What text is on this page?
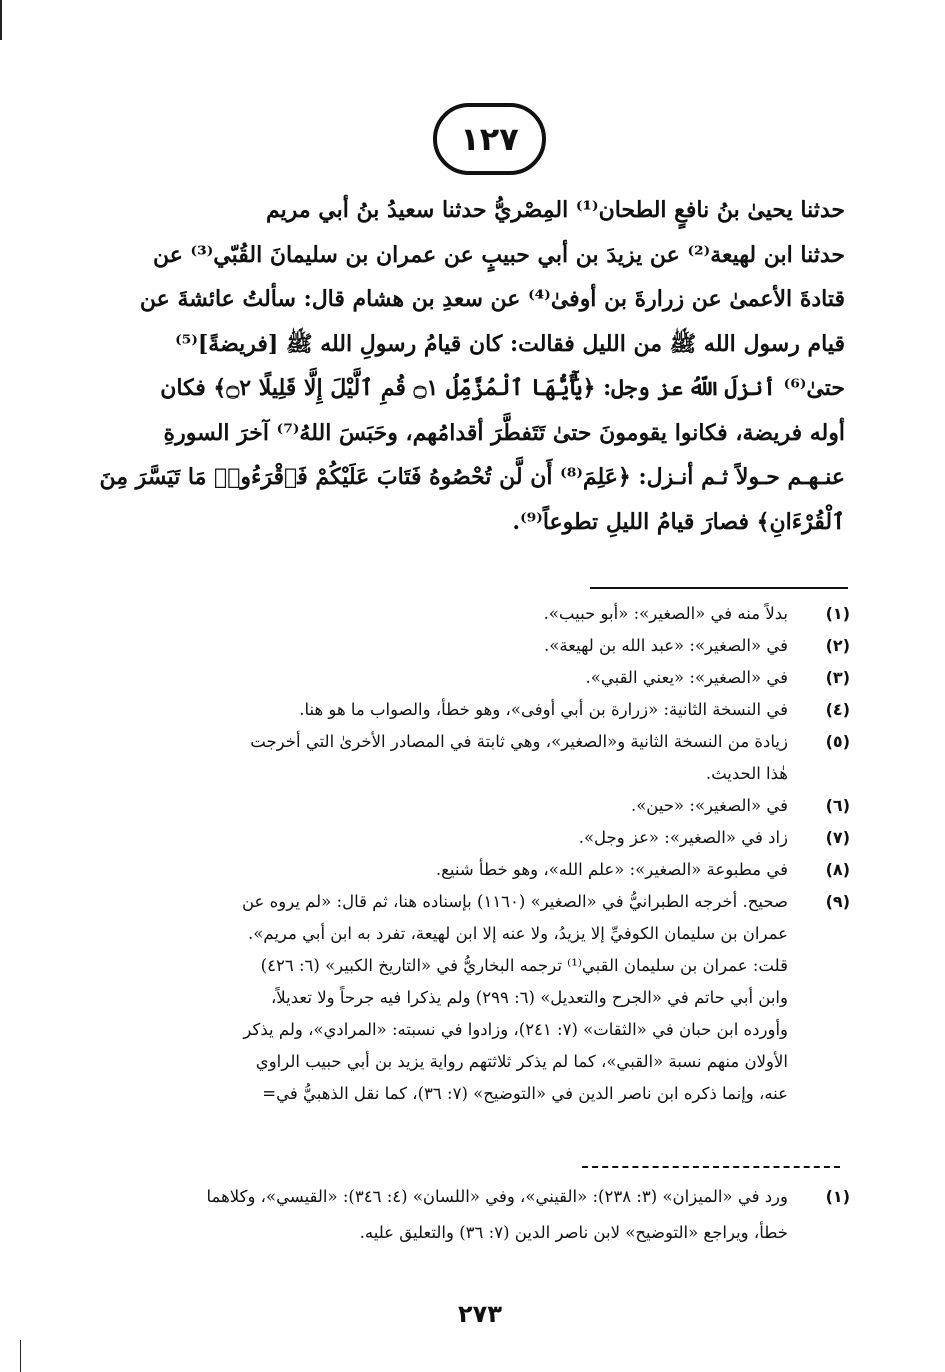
١٢٧
حدثنا يحيىٰ بنُ نافعٍ الطحان⁽¹⁾ المِصْريُّ حدثنا سعيدُ بنُ أبي مريم
حدثنا ابن لهيعة⁽²⁾ عن يزيدَ بن أبي حبيبٍ عن عمران بن سليمانَ القُبّي⁽³⁾ عن
قتادةَ الأعمىٰ عن زرارةَ بن أوفىٰ⁽⁴⁾ عن سعدِ بن هشام قال: سألتُ عائشةَ عن
قيام رسول الله ﷺ من الليل فقالت: كان قيامُ رسولِ الله ﷺ [فريضةً]⁽⁵⁾
حتىٰ⁽⁶⁾ أنزلَ اللّهُ عز وجل: ﴿يَٰٓأَيُّهَا ٱلْمُزَّمِّلُ ۝١ قُمِ ٱلَّيْلَ إِلَّا قَلِيلًا ۝٢﴾ فكان
أوله فريضة، فكانوا يقومونَ حتىٰ تَتَفطَّرَ أقدامُهم، وحَبَسَ اللهُ⁽⁷⁾ آخرَ السورةِ
عنـهـم حـولاً ثـم أنـزل: ﴿عَلِمَ⁽⁸⁾ أَن لَّن تُحْصُوهُ فَتَابَ عَلَيْكُمْ فَٱقْرَءُوا۟ مَا تَيَسَّرَ مِنَ
ٱلْقُرْءَانِ﴾ فصارَ قيامُ الليلِ تطوعاً⁽⁹⁾.
(١)
بدلاً منه في «الصغير»: «أبو حبيب».
(٢)
في «الصغير»: «عبد الله بن لهيعة».
(٣)
في «الصغير»: «يعني القبي».
(٤)
في النسخة الثانية: «زرارة بن أبي أوفى»، وهو خطأ، والصواب ما هو هنا.
(٥)
زيادة من النسخة الثانية و«الصغير»، وهي ثابتة في المصادر الأخرىٰ التي أخرجت
هٰذا الحديث.
(٦)
في «الصغير»: «حين».
(٧)
زاد في «الصغير»: «عز وجل».
(٨)
في مطبوعة «الصغير»: «علم الله»، وهو خطأ شنيع.
(٩)
صحيح. أخرجه الطبرانيُّ في «الصغير» (١١٦٠) بإسناده هنا، ثم قال: «لم يروه عن
عمران بن سليمان الكوفيِّ إلا يزيدُ، ولا عنه إلا ابن لهيعة، تفرد به ابن أبي مريم».
قلت: عمران بن سليمان القبي⁽¹⁾ ترجمه البخاريُّ في «التاريخ الكبير» (٦: ٤٢٦)
وابن أبي حاتم في «الجرح والتعديل» (٦: ٢٩٩) ولم يذكرا فيه جرحاً ولا تعديلاً،
وأورده ابن حبان في «الثقات» (٧: ٢٤١)، وزادوا في نسبته: «المرادي»، ولم يذكر
الأولان منهم نسبة «القبي»، كما لم يذكر ثلاثتهم رواية يزيد بن أبي حبيب الراوي
عنه، وإنما ذكره ابن ناصر الدين في «التوضيح» (٧: ٣٦)، كما نقل الذهبيُّ في=
(١)
ورد في «الميزان» (٣: ٢٣٨): «القيني»، وفي «اللسان» (٤: ٣٤٦): «القيسي»، وكلاهما
خطأ، ويراجع «التوضيح» لابن ناصر الدين (٧: ٣٦) والتعليق عليه.
٢٧٣
